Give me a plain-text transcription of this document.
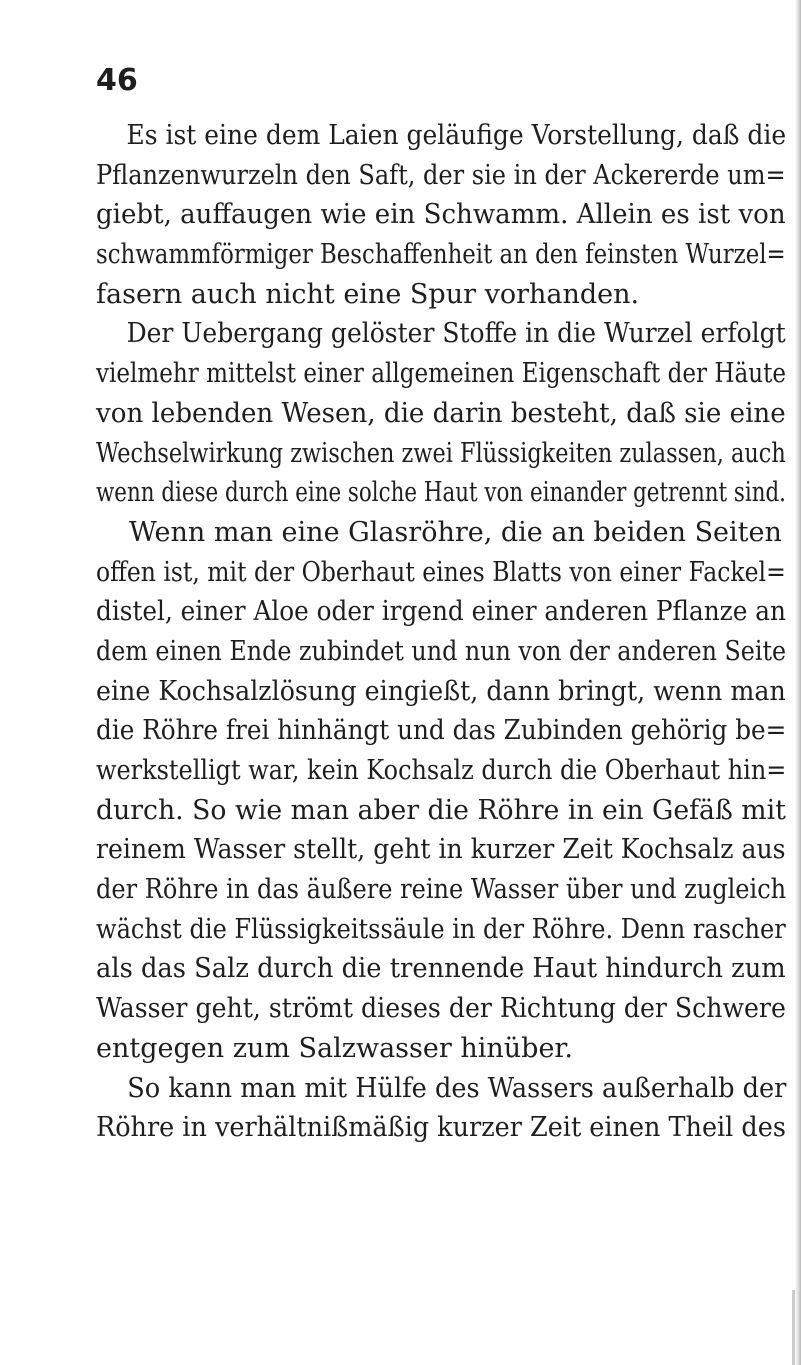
46
Es ist eine dem Laien geläufige Vorstellung, daß die
Pflanzenwurzeln den Saft, der sie in der Ackererde um=
giebt, auffaugen wie ein Schwamm. Allein es ist von
schwammförmiger Beschaffenheit an den feinsten Wurzel=
fasern auch nicht eine Spur vorhanden.
Der Uebergang gelöster Stoffe in die Wurzel erfolgt
vielmehr mittelst einer allgemeinen Eigenschaft der Häute
von lebenden Wesen, die darin besteht, daß sie eine
Wechselwirkung zwischen zwei Flüssigkeiten zulassen, auch
wenn diese durch eine solche Haut von einander getrennt sind.
Wenn man eine Glasröhre, die an beiden Seiten
offen ist, mit der Oberhaut eines Blatts von einer Fackel=
distel, einer Aloe oder irgend einer anderen Pflanze an
dem einen Ende zubindet und nun von der anderen Seite
eine Kochsalzlösung eingießt, dann bringt, wenn man
die Röhre frei hinhängt und das Zubinden gehörig be=
werkstelligt war, kein Kochsalz durch die Oberhaut hin=
durch. So wie man aber die Röhre in ein Gefäß mit
reinem Wasser stellt, geht in kurzer Zeit Kochsalz aus
der Röhre in das äußere reine Wasser über und zugleich
wächst die Flüssigkeitssäule in der Röhre. Denn rascher
als das Salz durch die trennende Haut hindurch zum
Wasser geht, strömt dieses der Richtung der Schwere
entgegen zum Salzwasser hinüber.
So kann man mit Hülfe des Wassers außerhalb der
Röhre in verhältnißmäßig kurzer Zeit einen Theil des
